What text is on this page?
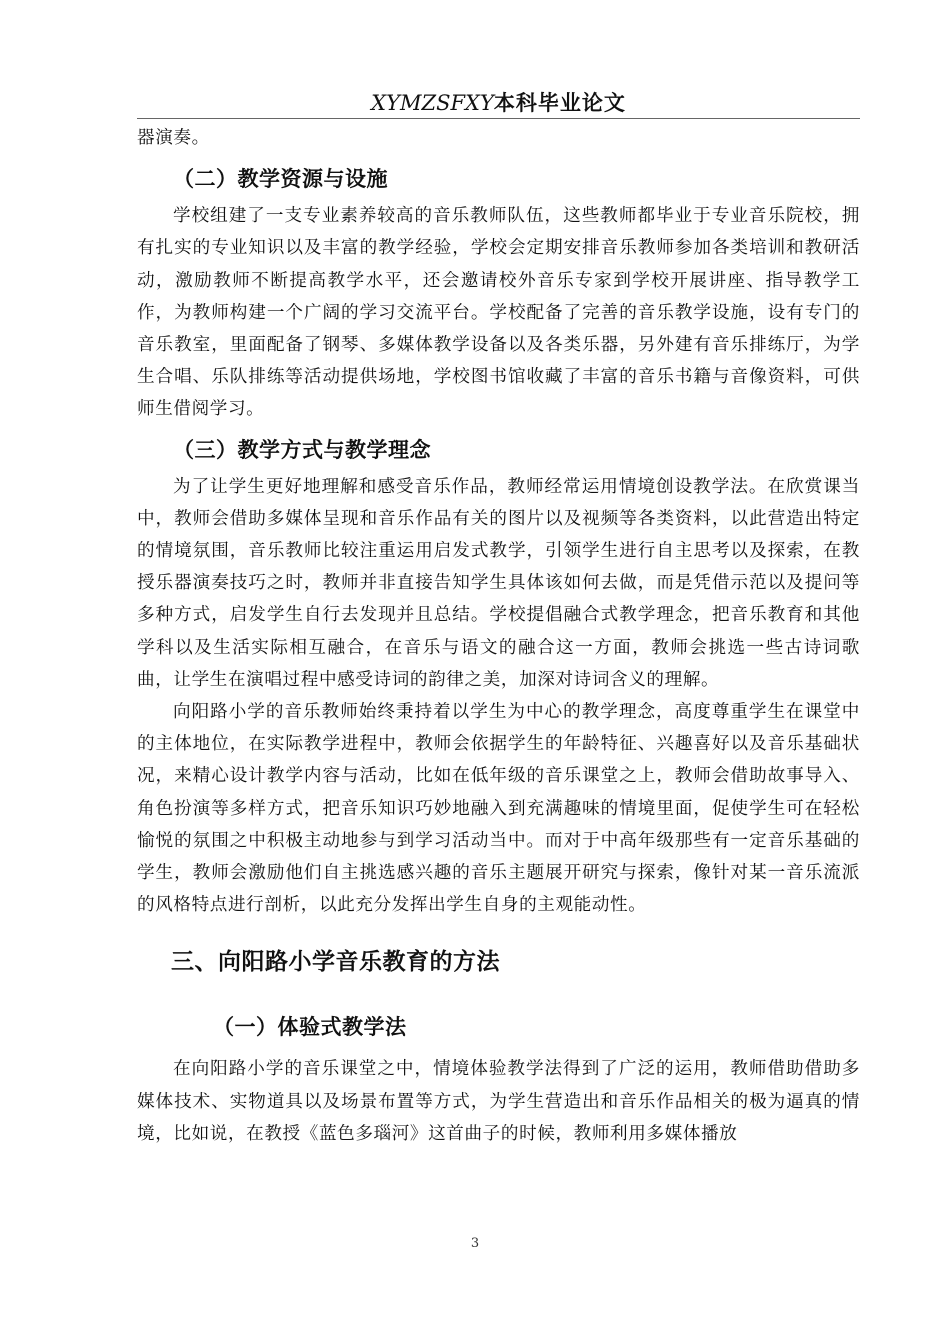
XYMZSFXY本科毕业论文

器演奏。

（二）教学资源与设施

学校组建了一支专业素养较高的音乐教师队伍，这些教师都毕业于专业音乐院校，拥有扎实的专业知识以及丰富的教学经验，学校会定期安排音乐教师参加各类培训和教研活动，激励教师不断提高教学水平，还会邀请校外音乐专家到学校开展讲座、指导教学工作，为教师构建一个广阔的学习交流平台。学校配备了完善的音乐教学设施，设有专门的音乐教室，里面配备了钢琴、多媒体教学设备以及各类乐器，另外建有音乐排练厅，为学生合唱、乐队排练等活动提供场地，学校图书馆收藏了丰富的音乐书籍与音像资料，可供师生借阅学习。

（三）教学方式与教学理念

为了让学生更好地理解和感受音乐作品，教师经常运用情境创设教学法。在欣赏课当中，教师会借助多媒体呈现和音乐作品有关的图片以及视频等各类资料，以此营造出特定的情境氛围，音乐教师比较注重运用启发式教学，引领学生进行自主思考以及探索，在教授乐器演奏技巧之时，教师并非直接告知学生具体该如何去做，而是凭借示范以及提问等多种方式，启发学生自行去发现并且总结。学校提倡融合式教学理念，把音乐教育和其他学科以及生活实际相互融合，在音乐与语文的融合这一方面，教师会挑选一些古诗词歌曲，让学生在演唱过程中感受诗词的韵律之美，加深对诗词含义的理解。

向阳路小学的音乐教师始终秉持着以学生为中心的教学理念，高度尊重学生在课堂中的主体地位，在实际教学进程中，教师会依据学生的年龄特征、兴趣喜好以及音乐基础状况，来精心设计教学内容与活动，比如在低年级的音乐课堂之上，教师会借助故事导入、角色扮演等多样方式，把音乐知识巧妙地融入到充满趣味的情境里面，促使学生可在轻松愉悦的氛围之中积极主动地参与到学习活动当中。而对于中高年级那些有一定音乐基础的学生，教师会激励他们自主挑选感兴趣的音乐主题展开研究与探索，像针对某一音乐流派的风格特点进行剖析，以此充分发挥出学生自身的主观能动性。

三、向阳路小学音乐教育的方法
（一）体验式教学法

在向阳路小学的音乐课堂之中，情境体验教学法得到了广泛的运用，教师借助借助多媒体技术、实物道具以及场景布置等方式，为学生营造出和音乐作品相关的极为逼真的情境，比如说，在教授《蓝色多瑙河》这首曲子的时候，教师利用多媒体播放

3
